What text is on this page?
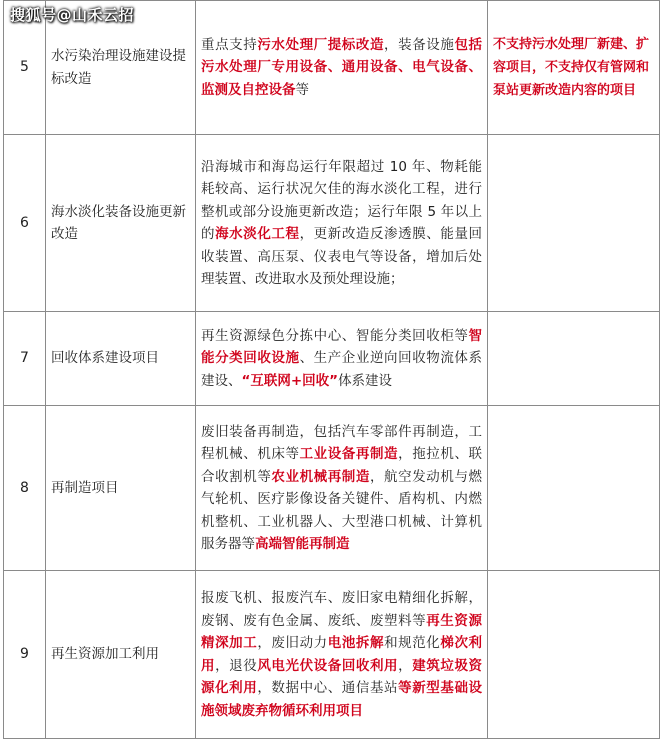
搜狐号@山禾云招
5	水污染治理设施建设提标改造	重点支持污水处理厂提标改造，装备设施包括污水处理厂专用设备、通用设备、电气设备、监测及自控设备等	不支持污水处理厂新建、扩容项目，不支持仅有管网和泵站更新改造内容的项目
6	海水淡化装备设施更新改造	沿海城市和海岛运行年限超过 10 年、物耗能耗较高、运行状况欠佳的海水淡化工程，进行整机或部分设施更新改造；运行年限 5 年以上的海水淡化工程，更新改造反渗透膜、能量回收装置、高压泵、仪表电气等设备，增加后处理装置、改进取水及预处理设施；	
7	回收体系建设项目	再生资源绿色分拣中心、智能分类回收柜等智能分类回收设施、生产企业逆向回收物流体系建设、“互联网+回收”体系建设	
8	再制造项目	废旧装备再制造，包括汽车零部件再制造，工程机械、机床等工业设备再制造，拖拉机、联合收割机等农业机械再制造，航空发动机与燃气轮机、医疗影像设备关键件、盾构机、内燃机整机、工业机器人、大型港口机械、计算机服务器等高端智能再制造	
9	再生资源加工利用	报废飞机、报废汽车、废旧家电精细化拆解，废钢、废有色金属、废纸、废塑料等再生资源精深加工，废旧动力电池拆解和规范化梯次利用，退役风电光伏设备回收利用，建筑垃圾资源化利用，数据中心、通信基站等新型基础设施领域废弃物循环利用项目	
